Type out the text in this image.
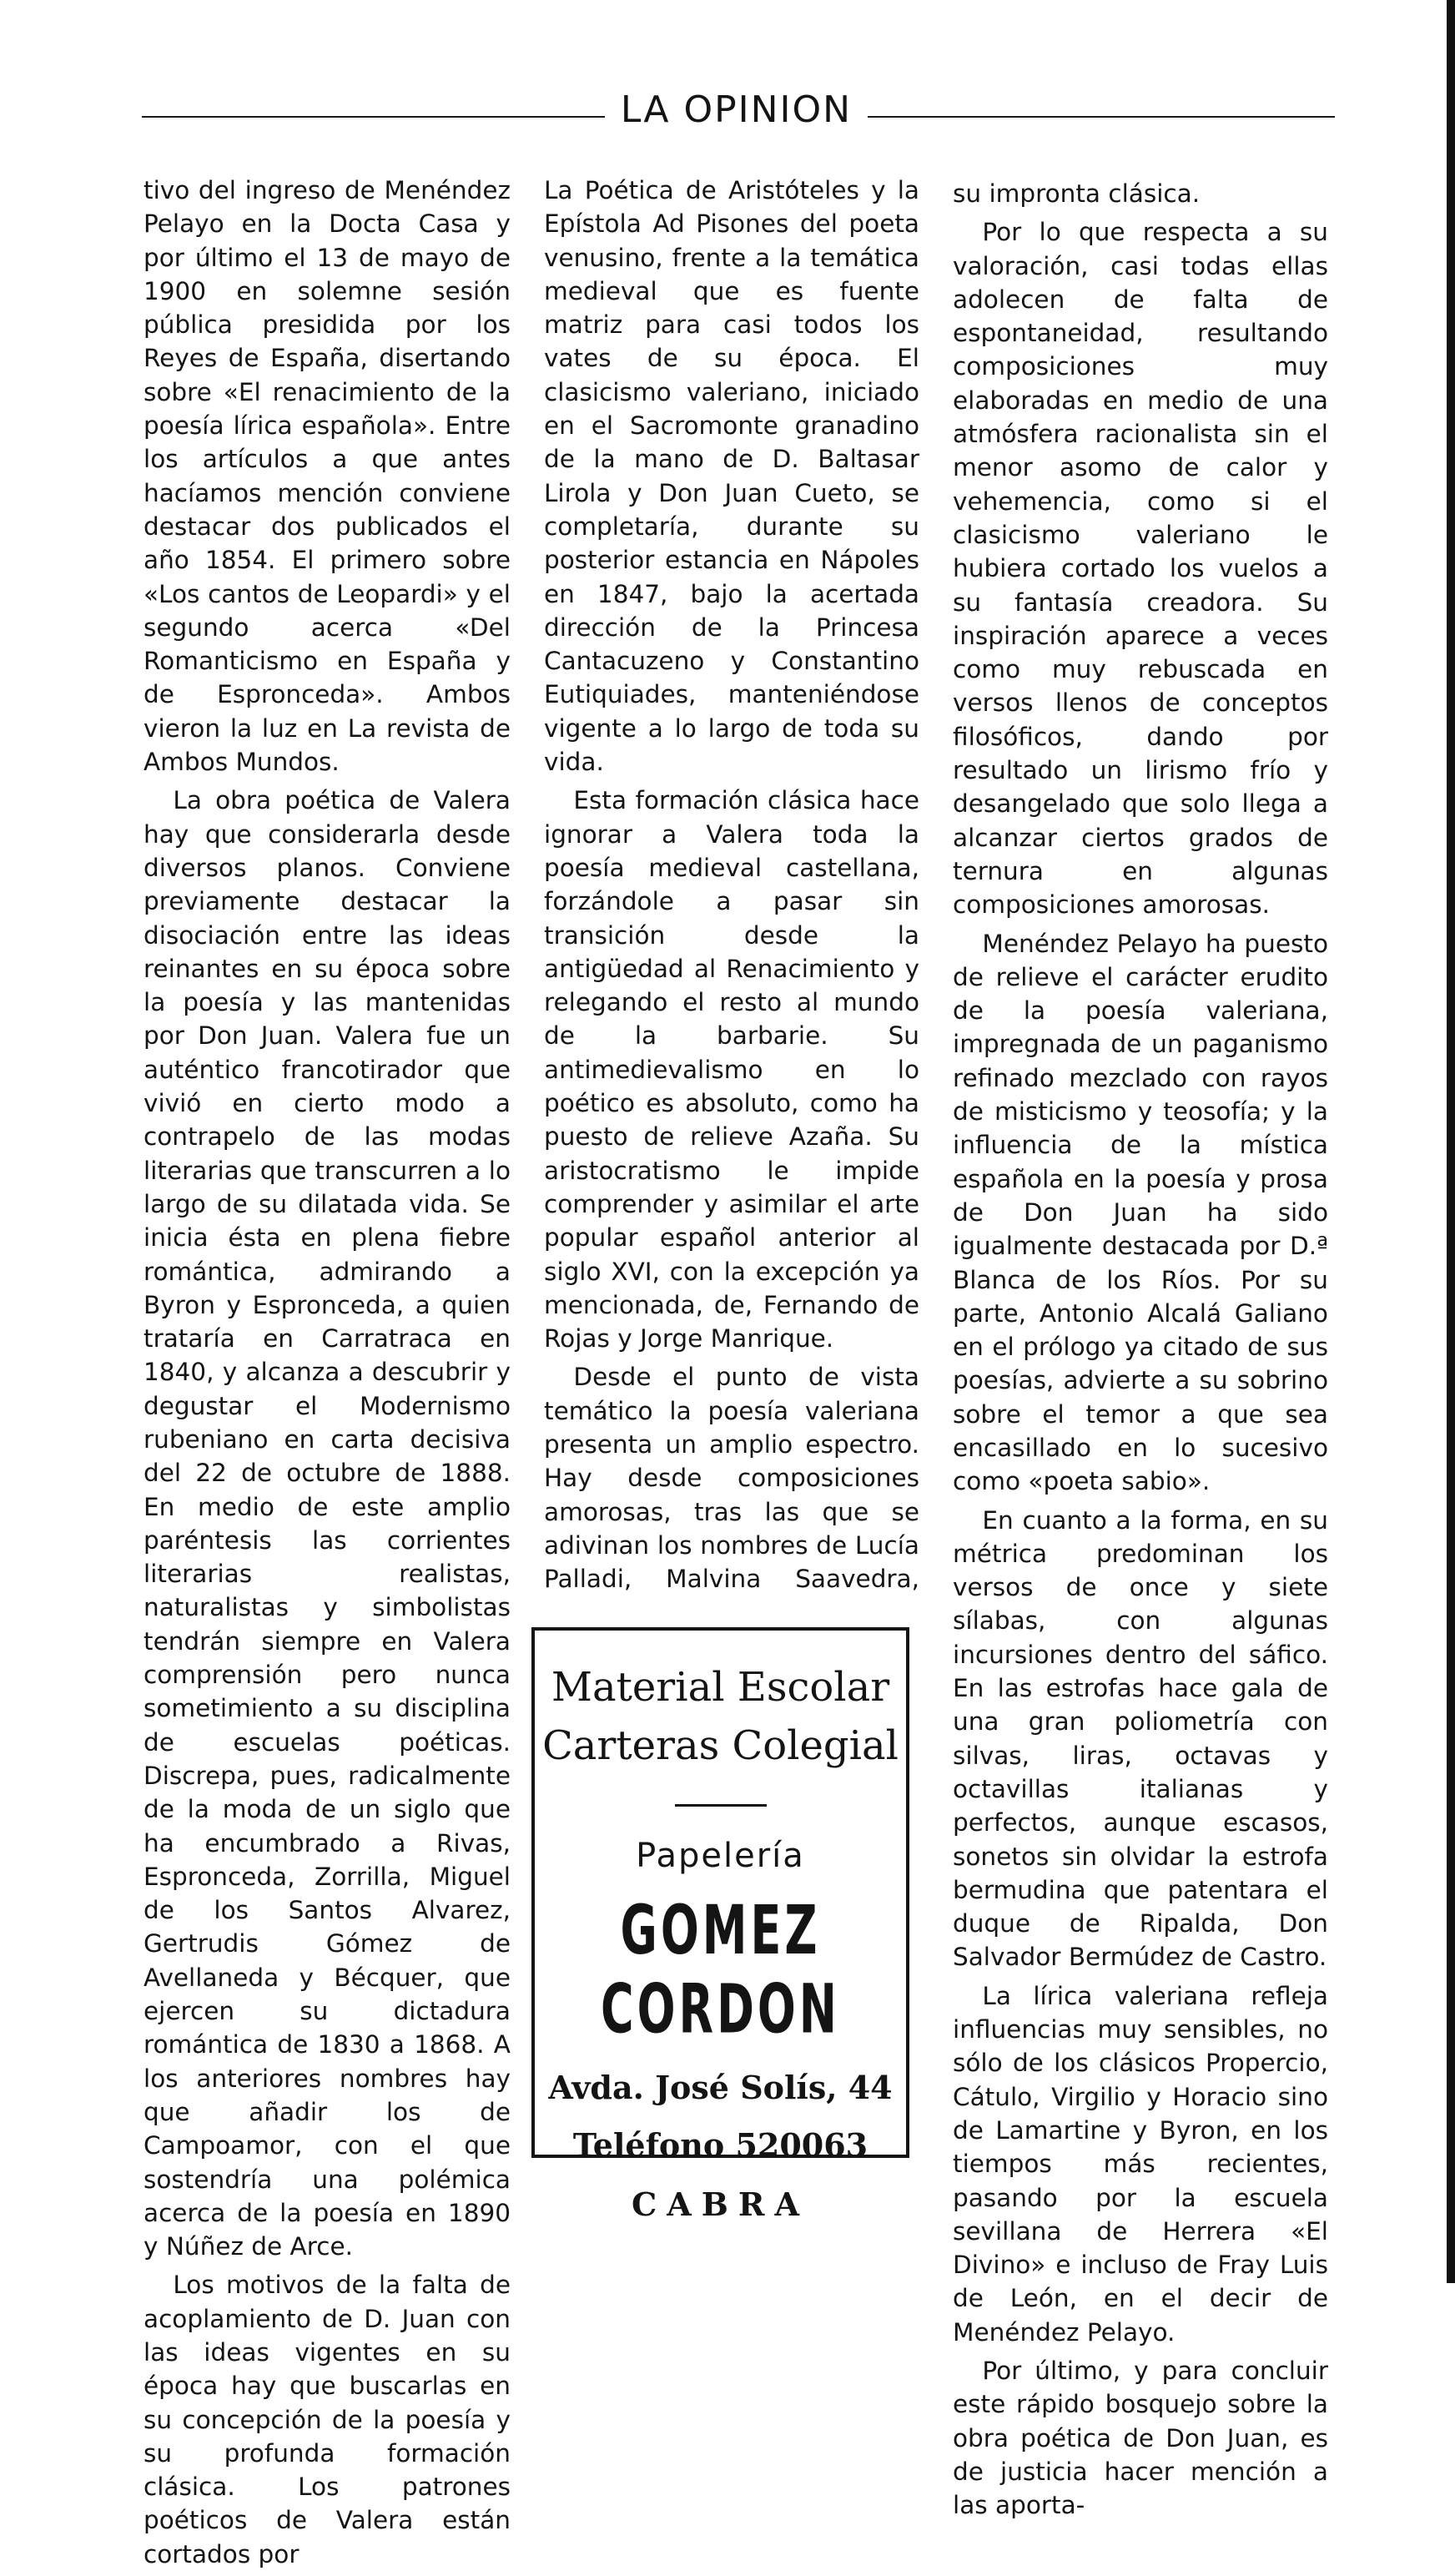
LA OPINION

tivo del ingreso de Menéndez Pelayo en la Docta Casa y por último el 13 de mayo de 1900 en solemne sesión pública presidida por los Reyes de España, disertando sobre «El renacimiento de la poesía lírica española». Entre los artículos a que antes hacíamos mención conviene destacar dos publicados el año 1854. El primero sobre «Los cantos de Leopardi» y el segundo acerca «Del Romanticismo en España y de Espronceda». Ambos vieron la luz en La revista de Ambos Mundos.

La obra poética de Valera hay que considerarla desde diversos planos. Conviene previamente destacar la disociación entre las ideas reinantes en su época sobre la poesía y las mantenidas por Don Juan. Valera fue un auténtico francotirador que vivió en cierto modo a contrapelo de las modas literarias que transcurren a lo largo de su dilatada vida. Se inicia ésta en plena fiebre romántica, admirando a Byron y Espronceda, a quien trataría en Carratraca en 1840, y alcanza a descubrir y degustar el Modernismo rubeniano en carta decisiva del 22 de octubre de 1888. En medio de este amplio paréntesis las corrientes literarias realistas, naturalistas y simbolistas tendrán siempre en Valera comprensión pero nunca sometimiento a su disciplina de escuelas poéticas. Discrepa, pues, radicalmente de la moda de un siglo que ha encumbrado a Rivas, Espronceda, Zorrilla, Miguel de los Santos Alvarez, Gertrudis Gómez de Avellaneda y Bécquer, que ejercen su dictadura romántica de 1830 a 1868. A los anteriores nombres hay que añadir los de Campoamor, con el que sostendría una polémica acerca de la poesía en 1890 y Núñez de Arce.

Los motivos de la falta de acoplamiento de D. Juan con las ideas vigentes en su época hay que buscarlas en su concepción de la poesía y su profunda formación clásica. Los patrones poéticos de Valera están cortados por

La Poética de Aristóteles y la Epístola Ad Pisones del poeta venusino, frente a la temática medieval que es fuente matriz para casi todos los vates de su época. El clasicismo valeriano, iniciado en el Sacromonte granadino de la mano de D. Baltasar Lirola y Don Juan Cueto, se completaría, durante su posterior estancia en Nápoles en 1847, bajo la acertada dirección de la Princesa Cantacuzeno y Constantino Eutiquiades, manteniéndose vigente a lo largo de toda su vida.

Esta formación clásica hace ignorar a Valera toda la poesía medieval castellana, forzándole a pasar sin transición desde la antigüedad al Renacimiento y relegando el resto al mundo de la barbarie. Su antimedievalismo en lo poético es absoluto, como ha puesto de relieve Azaña. Su aristocratismo le impide comprender y asimilar el arte popular español anterior al siglo XVI, con la excepción ya mencionada, de, Fernando de Rojas y Jorge Manrique.

Desde el punto de vista temático la poesía valeriana presenta un amplio espectro. Hay desde composiciones amorosas, tras las que se adivinan los nombres de Lucía Palladi, Malvina Saavedra,

Material Escolar
Carteras Colegial
Papelería
GOMEZ CORDON
Avda. José Solís, 44
Teléfono 520063
CABRA

su impronta clásica.

Por lo que respecta a su valoración, casi todas ellas adolecen de falta de espontaneidad, resultando composiciones muy elaboradas en medio de una atmósfera racionalista sin el menor asomo de calor y vehemencia, como si el clasicismo valeriano le hubiera cortado los vuelos a su fantasía creadora. Su inspiración aparece a veces como muy rebuscada en versos llenos de conceptos filosóficos, dando por resultado un lirismo frío y desangelado que solo llega a alcanzar ciertos grados de ternura en algunas composiciones amorosas.

Menéndez Pelayo ha puesto de relieve el carácter erudito de la poesía valeriana, impregnada de un paganismo refinado mezclado con rayos de misticismo y teosofía; y la influencia de la mística española en la poesía y prosa de Don Juan ha sido igualmente destacada por D.ª Blanca de los Ríos. Por su parte, Antonio Alcalá Galiano en el prólogo ya citado de sus poesías, advierte a su sobrino sobre el temor a que sea encasillado en lo sucesivo como «poeta sabio».

En cuanto a la forma, en su métrica predominan los versos de once y siete sílabas, con algunas incursiones dentro del sáfico. En las estrofas hace gala de una gran poliometría con silvas, liras, octavas y octavillas italianas y perfectos, aunque escasos, sonetos sin olvidar la estrofa bermudina que patentara el duque de Ripalda, Don Salvador Bermúdez de Castro.

La lírica valeriana refleja influencias muy sensibles, no sólo de los clásicos Propercio, Cátulo, Virgilio y Horacio sino de Lamartine y Byron, en los tiempos más recientes, pasando por la escuela sevillana de Herrera «El Divino» e incluso de Fray Luis de León, en el decir de Menéndez Pelayo.

Por último, y para concluir este rápido bosquejo sobre la obra poética de Don Juan, es de justicia hacer mención a las aporta-
